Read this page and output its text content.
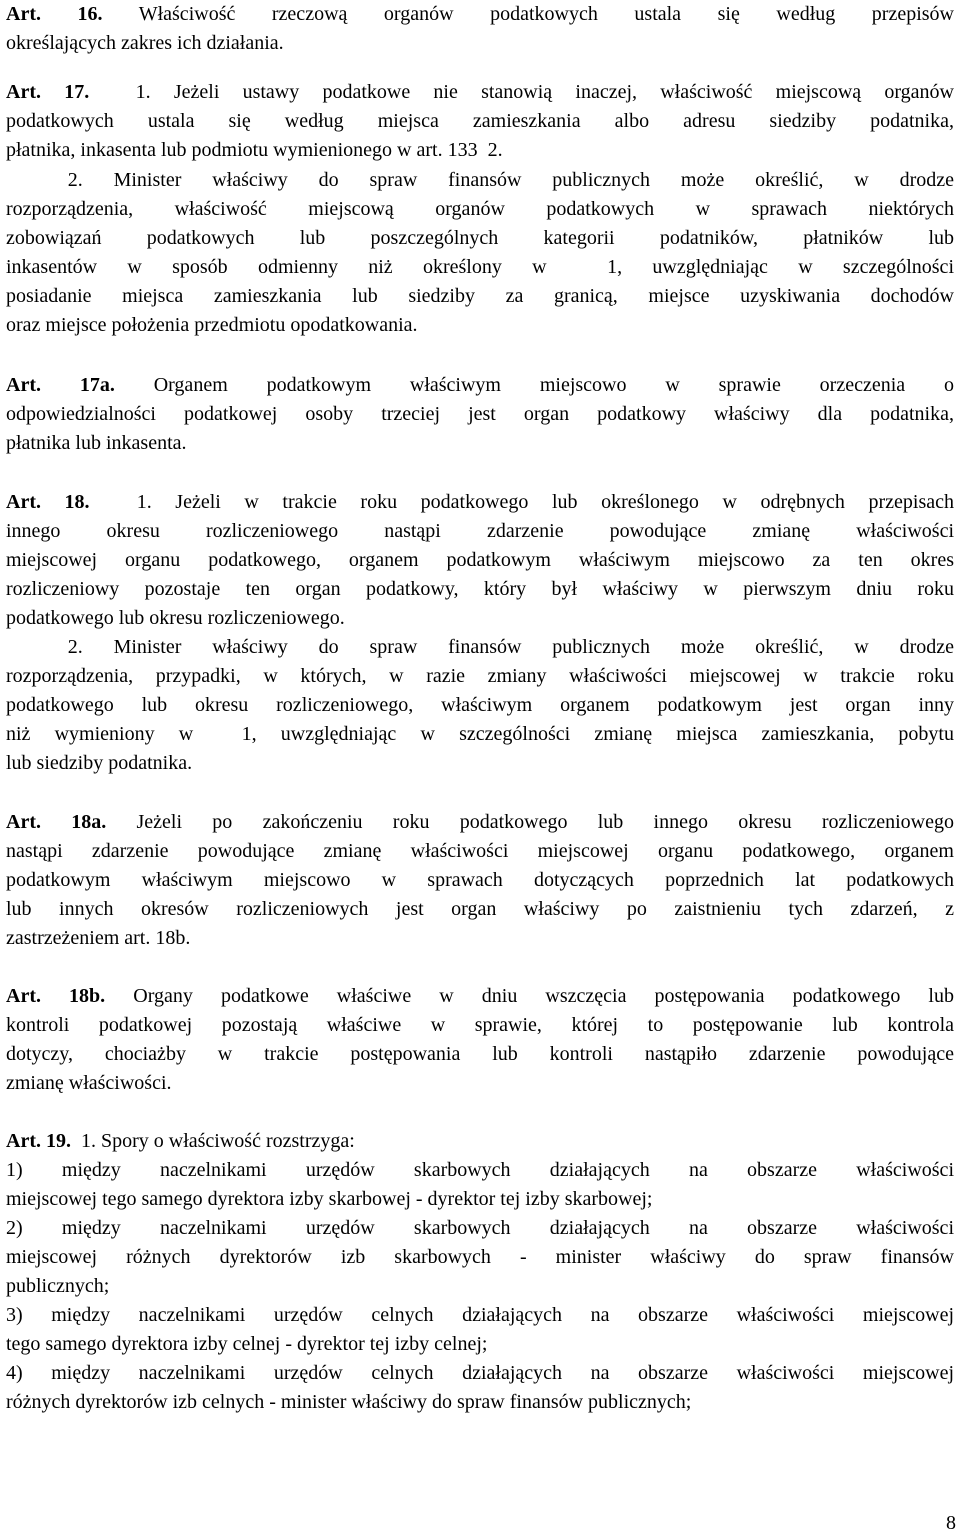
Art. 16. Właściwość rzeczową organów podatkowych ustala się według przepisów
określających zakres ich działania.
Art. 17.  1. Jeżeli ustawy podatkowe nie stanowią inaczej, właściwość miejscową organów
podatkowych ustala się według miejsca zamieszkania albo adresu siedziby podatnika,
płatnika, inkasenta lub podmiotu wymienionego w art. 133  2.
2. Minister właściwy do spraw finansów publicznych może określić, w drodze
rozporządzenia, właściwość miejscową organów podatkowych w sprawach niektórych
zobowiązań podatkowych lub poszczególnych kategorii podatników, płatników lub
inkasentów w sposób odmienny niż określony w  1, uwzględniając w szczególności
posiadanie miejsca zamieszkania lub siedziby za granicą, miejsce uzyskiwania dochodów
oraz miejsce położenia przedmiotu opodatkowania.
Art. 17a. Organem podatkowym właściwym miejscowo w sprawie orzeczenia o
odpowiedzialności podatkowej osoby trzeciej jest organ podatkowy właściwy dla podatnika,
płatnika lub inkasenta.
Art. 18.  1. Jeżeli w trakcie roku podatkowego lub określonego w odrębnych przepisach
innego okresu rozliczeniowego nastąpi zdarzenie powodujące zmianę właściwości
miejscowej organu podatkowego, organem podatkowym właściwym miejscowo za ten okres
rozliczeniowy pozostaje ten organ podatkowy, który był właściwy w pierwszym dniu roku
podatkowego lub okresu rozliczeniowego.
2. Minister właściwy do spraw finansów publicznych może określić, w drodze
rozporządzenia, przypadki, w których, w razie zmiany właściwości miejscowej w trakcie roku
podatkowego lub okresu rozliczeniowego, właściwym organem podatkowym jest organ inny
niż wymieniony w  1, uwzględniając w szczególności zmianę miejsca zamieszkania, pobytu
lub siedziby podatnika.
Art. 18a. Jeżeli po zakończeniu roku podatkowego lub innego okresu rozliczeniowego
nastąpi zdarzenie powodujące zmianę właściwości miejscowej organu podatkowego, organem
podatkowym właściwym miejscowo w sprawach dotyczących poprzednich lat podatkowych
lub innych okresów rozliczeniowych jest organ właściwy po zaistnieniu tych zdarzeń, z
zastrzeżeniem art. 18b.
Art. 18b. Organy podatkowe właściwe w dniu wszczęcia postępowania podatkowego lub
kontroli podatkowej pozostają właściwe w sprawie, której to postępowanie lub kontrola
dotyczy, chociażby w trakcie postępowania lub kontroli nastąpiło zdarzenie powodujące
zmianę właściwości.
Art. 19.  1. Spory o właściwość rozstrzyga:
1) między naczelnikami urzędów skarbowych działających na obszarze właściwości
miejscowej tego samego dyrektora izby skarbowej - dyrektor tej izby skarbowej;
2) między naczelnikami urzędów skarbowych działających na obszarze właściwości
miejscowej różnych dyrektorów izb skarbowych - minister właściwy do spraw finansów
publicznych;
3) między naczelnikami urzędów celnych działających na obszarze właściwości miejscowej
tego samego dyrektora izby celnej - dyrektor tej izby celnej;
4) między naczelnikami urzędów celnych działających na obszarze właściwości miejscowej
różnych dyrektorów izb celnych - minister właściwy do spraw finansów publicznych;
8
